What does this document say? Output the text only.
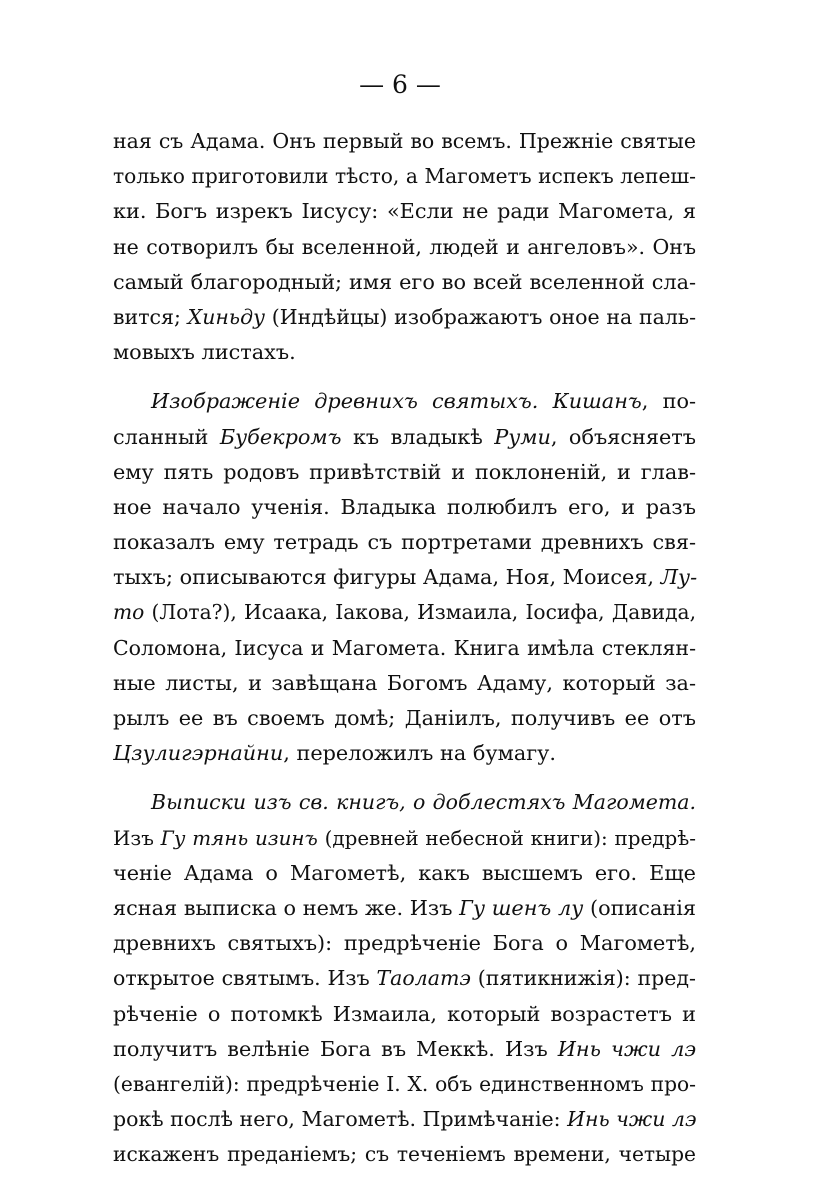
— 6 —
ная съ Адама. Онъ первый во всемъ. Прежніе святые
только приготовили тѣсто, а Магометъ испекъ лепеш-
ки. Богъ изрекъ Іисусу: «Если не ради Магомета, я
не сотворилъ бы вселенной, людей и ангеловъ». Онъ
самый благородный; имя его во всей вселенной сла-
вится; Хиньду (Индѣйцы) изображаютъ оное на паль-
мовыхъ листахъ.
Изображеніе древнихъ святыхъ. Кишанъ, по-
сланный Бубекромъ къ владыкѣ Руми, объясняетъ
ему пять родовъ привѣтствій и поклоненій, и глав-
ное начало ученія. Владыка полюбилъ его, и разъ
показалъ ему тетрадь съ портретами древнихъ свя-
тыхъ; описываются фигуры Адама, Ноя, Моисея, Лу-
то (Лота?), Исаака, Іакова, Измаила, Іосифа, Давида,
Соломона, Іисуса и Магомета. Книга имѣла стеклян-
ные листы, и завѣщана Богомъ Адаму, который за-
рылъ ее въ своемъ домѣ; Даніилъ, получивъ ее отъ
Цзулигэрнайни, переложилъ на бумагу.
Выписки изъ св. книгъ, о доблестяхъ Магомета.
Изъ Гу тянь изинъ (древней небесной книги): предрѣ-
ченіе Адама о Магометѣ, какъ высшемъ его. Еще
ясная выписка о немъ же. Изъ Гу шенъ лу (описанія
древнихъ святыхъ): предрѣченіе Бога о Магометѣ,
открытое святымъ. Изъ Таолатэ (пятикнижія): пред-
рѣченіе о потомкѣ Измаила, который возрастетъ и
получитъ велѣніе Бога въ Меккѣ. Изъ Инь чжи лэ
(евангелій): предрѣченіе І. Х. объ единственномъ про-
рокѣ послѣ него, Магометѣ. Примѣчаніе: Инь чжи лэ
искаженъ преданіемъ; съ теченіемъ времени, четыре
